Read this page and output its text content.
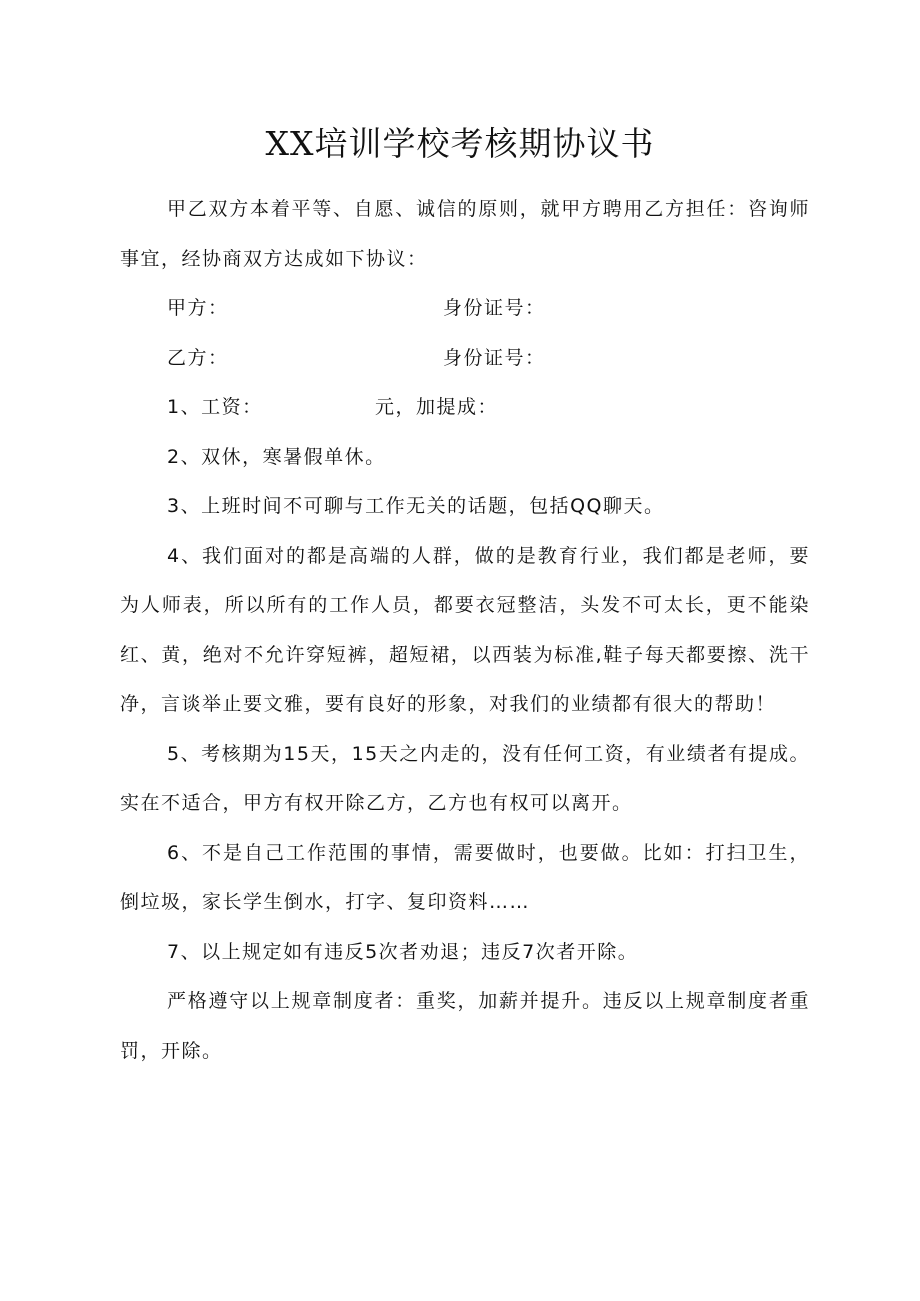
XX培训学校考核期协议书

甲乙双方本着平等、自愿、诚信的原则，就甲方聘用乙方担任：咨询师事宜，经协商双方达成如下协议：

甲方：	身份证号：
乙方：	身份证号：
1、工资：	元，加提成：

2、双休，寒暑假单休。

3、上班时间不可聊与工作无关的话题，包括QQ聊天。

4、我们面对的都是高端的人群，做的是教育行业，我们都是老师，要为人师表，所以所有的工作人员，都要衣冠整洁，头发不可太长，更不能染红、黄，绝对不允许穿短裤，超短裙，以西装为标准,鞋子每天都要擦、洗干净，言谈举止要文雅，要有良好的形象，对我们的业绩都有很大的帮助！

5、考核期为15天，15天之内走的，没有任何工资，有业绩者有提成。实在不适合，甲方有权开除乙方，乙方也有权可以离开。

6、不是自己工作范围的事情，需要做时，也要做。比如：打扫卫生，倒垃圾，家长学生倒水，打字、复印资料……

7、以上规定如有违反5次者劝退；违反7次者开除。

严格遵守以上规章制度者：重奖，加薪并提升。违反以上规章制度者重罚，开除。
